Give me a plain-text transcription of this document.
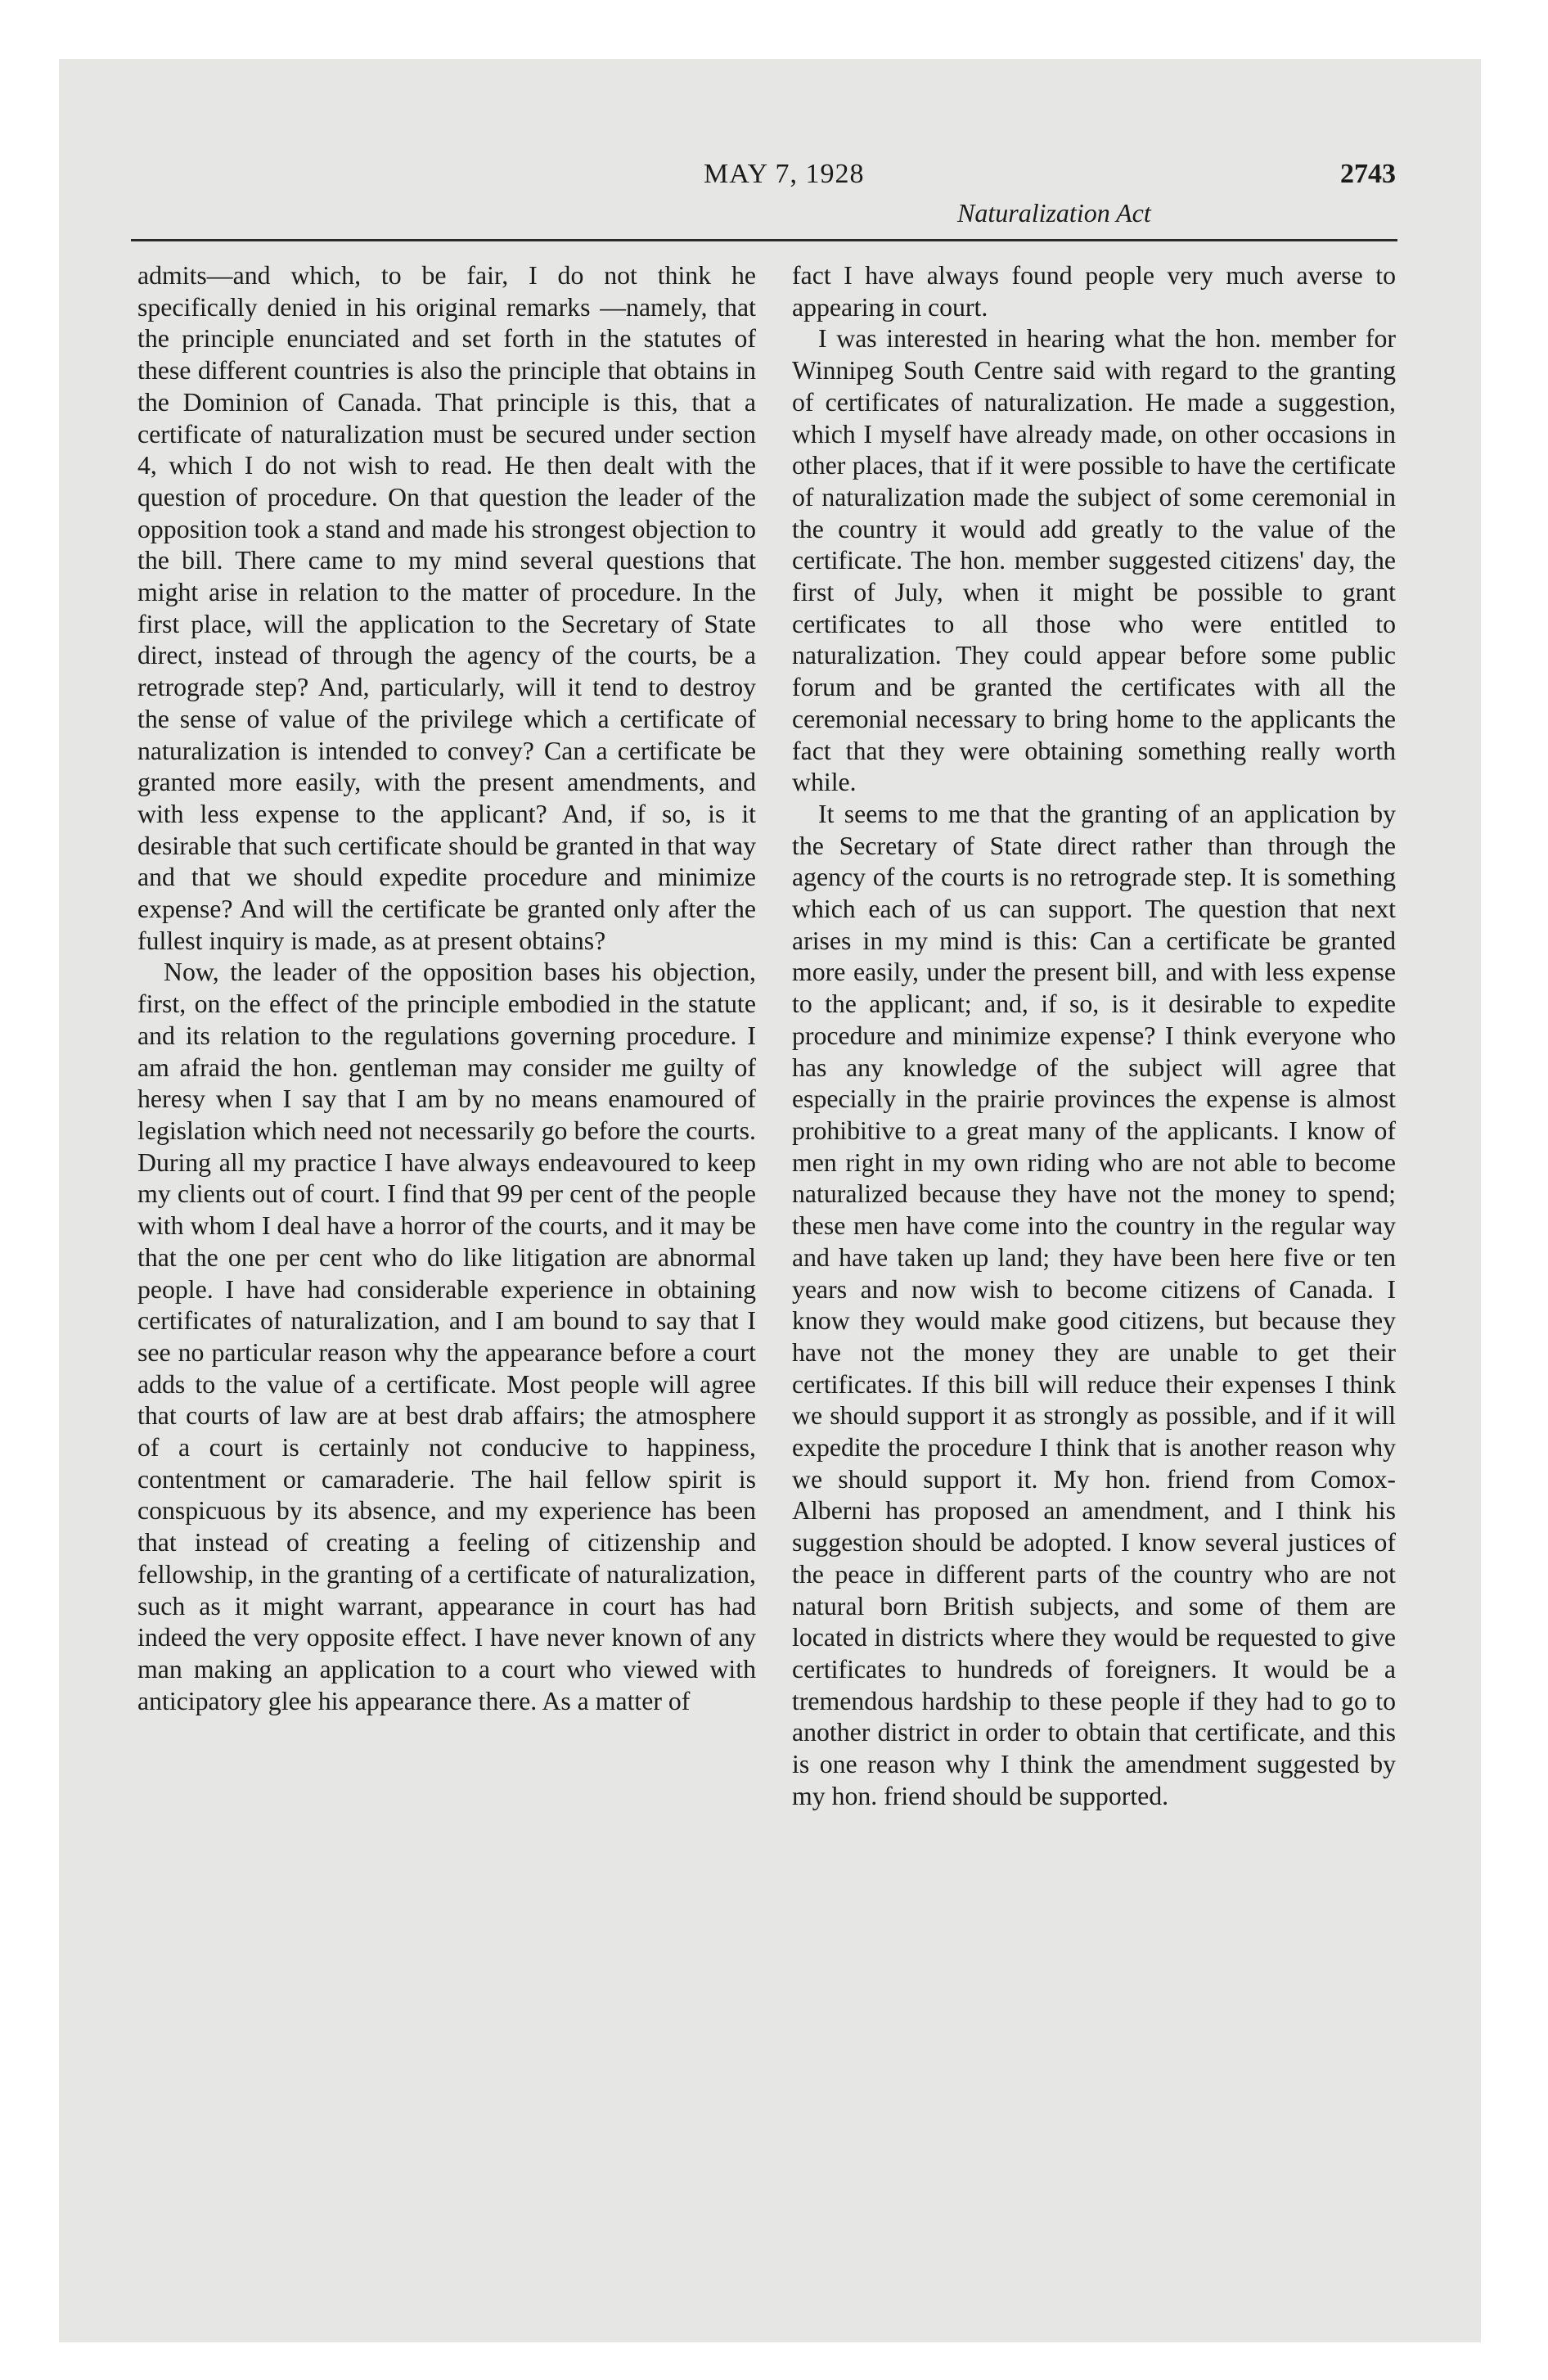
MAY 7, 1928
Naturalization Act
2743

admits—and which, to be fair, I do not think he specifically denied in his original remarks —namely, that the principle enunciated and set forth in the statutes of these different countries is also the principle that obtains in the Dominion of Canada. That principle is this, that a certificate of naturalization must be secured under section 4, which I do not wish to read. He then dealt with the question of procedure. On that question the leader of the opposition took a stand and made his strongest objection to the bill. There came to my mind several questions that might arise in relation to the matter of procedure. In the first place, will the application to the Secretary of State direct, instead of through the agency of the courts, be a retrograde step? And, particularly, will it tend to destroy the sense of value of the privilege which a certificate of naturalization is intended to convey? Can a certificate be granted more easily, with the present amendments, and with less expense to the applicant? And, if so, is it desirable that such certificate should be granted in that way and that we should expedite procedure and minimize expense? And will the certificate be granted only after the fullest inquiry is made, as at present obtains?

Now, the leader of the opposition bases his objection, first, on the effect of the principle embodied in the statute and its relation to the regulations governing procedure. I am afraid the hon. gentleman may consider me guilty of heresy when I say that I am by no means enamoured of legislation which need not necessarily go before the courts. During all my practice I have always endeavoured to keep my clients out of court. I find that 99 per cent of the people with whom I deal have a horror of the courts, and it may be that the one per cent who do like litigation are abnormal people. I have had considerable experience in obtaining certificates of naturalization, and I am bound to say that I see no particular reason why the appearance before a court adds to the value of a certificate. Most people will agree that courts of law are at best drab affairs; the atmosphere of a court is certainly not conducive to happiness, contentment or camaraderie. The hail fellow spirit is conspicuous by its absence, and my experience has been that instead of creating a feeling of citizenship and fellowship, in the granting of a certificate of naturalization, such as it might warrant, appearance in court has had indeed the very opposite effect. I have never known of any man making an application to a court who viewed with anticipatory glee his appearance there. As a matter of

fact I have always found people very much averse to appearing in court.

I was interested in hearing what the hon. member for Winnipeg South Centre said with regard to the granting of certificates of naturalization. He made a suggestion, which I myself have already made, on other occasions in other places, that if it were possible to have the certificate of naturalization made the subject of some ceremonial in the country it would add greatly to the value of the certificate. The hon. member suggested citizens' day, the first of July, when it might be possible to grant certificates to all those who were entitled to naturalization. They could appear before some public forum and be granted the certificates with all the ceremonial necessary to bring home to the applicants the fact that they were obtaining something really worth while.

It seems to me that the granting of an application by the Secretary of State direct rather than through the agency of the courts is no retrograde step. It is something which each of us can support. The question that next arises in my mind is this: Can a certificate be granted more easily, under the present bill, and with less expense to the applicant; and, if so, is it desirable to expedite procedure and minimize expense? I think everyone who has any knowledge of the subject will agree that especially in the prairie provinces the expense is almost prohibitive to a great many of the applicants. I know of men right in my own riding who are not able to become naturalized because they have not the money to spend; these men have come into the country in the regular way and have taken up land; they have been here five or ten years and now wish to become citizens of Canada. I know they would make good citizens, but because they have not the money they are unable to get their certificates. If this bill will reduce their expenses I think we should support it as strongly as possible, and if it will expedite the procedure I think that is another reason why we should support it. My hon. friend from Comox-Alberni has proposed an amendment, and I think his suggestion should be adopted. I know several justices of the peace in different parts of the country who are not natural born British subjects, and some of them are located in districts where they would be requested to give certificates to hundreds of foreigners. It would be a tremendous hardship to these people if they had to go to another district in order to obtain that certificate, and this is one reason why I think the amendment suggested by my hon. friend should be supported.
